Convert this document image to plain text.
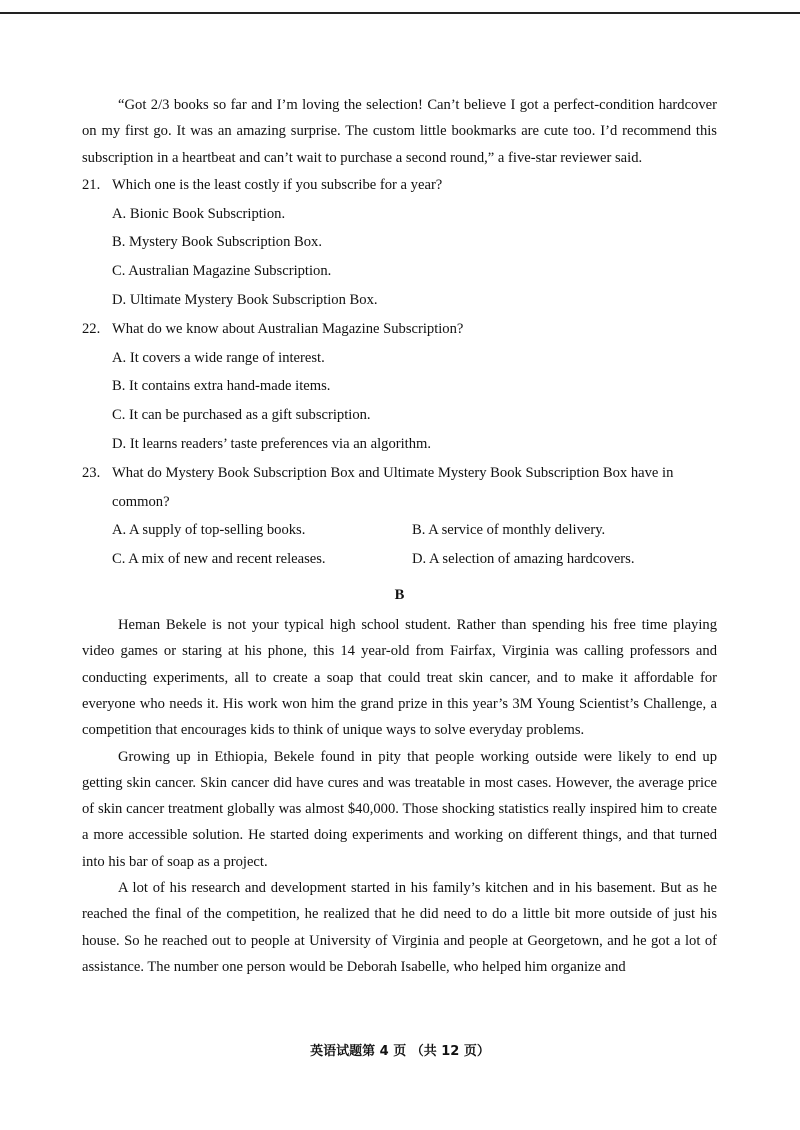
“Got 2/3 books so far and I’m loving the selection! Can’t believe I got a perfect-condition hardcover on my first go. It was an amazing surprise. The custom little bookmarks are cute too. I’d recommend this subscription in a heartbeat and can’t wait to purchase a second round,” a five-star reviewer said.

21. Which one is the least costly if you subscribe for a year?
A. Bionic Book Subscription.
B. Mystery Book Subscription Box.
C. Australian Magazine Subscription.
D. Ultimate Mystery Book Subscription Box.
22. What do we know about Australian Magazine Subscription?
A. It covers a wide range of interest.
B. It contains extra hand-made items.
C. It can be purchased as a gift subscription.
D. It learns readers’ taste preferences via an algorithm.
23. What do Mystery Book Subscription Box and Ultimate Mystery Book Subscription Box have in common?
A. A supply of top-selling books.	B. A service of monthly delivery.
C. A mix of new and recent releases.	D. A selection of amazing hardcovers.
B

Heman Bekele is not your typical high school student. Rather than spending his free time playing video games or staring at his phone, this 14 year-old from Fairfax, Virginia was calling professors and conducting experiments, all to create a soap that could treat skin cancer, and to make it affordable for everyone who needs it. His work won him the grand prize in this year’s 3M Young Scientist’s Challenge, a competition that encourages kids to think of unique ways to solve everyday problems.

Growing up in Ethiopia, Bekele found in pity that people working outside were likely to end up getting skin cancer. Skin cancer did have cures and was treatable in most cases. However, the average price of skin cancer treatment globally was almost $40,000. Those shocking statistics really inspired him to create a more accessible solution. He started doing experiments and working on different things, and that turned into his bar of soap as a project.

A lot of his research and development started in his family’s kitchen and in his basement. But as he reached the final of the competition, he realized that he did need to do a little bit more outside of just his house. So he reached out to people at University of Virginia and people at Georgetown, and he got a lot of assistance. The number one person would be Deborah Isabelle, who helped him organize and

英语试题第 4 页 （共 12 页）
